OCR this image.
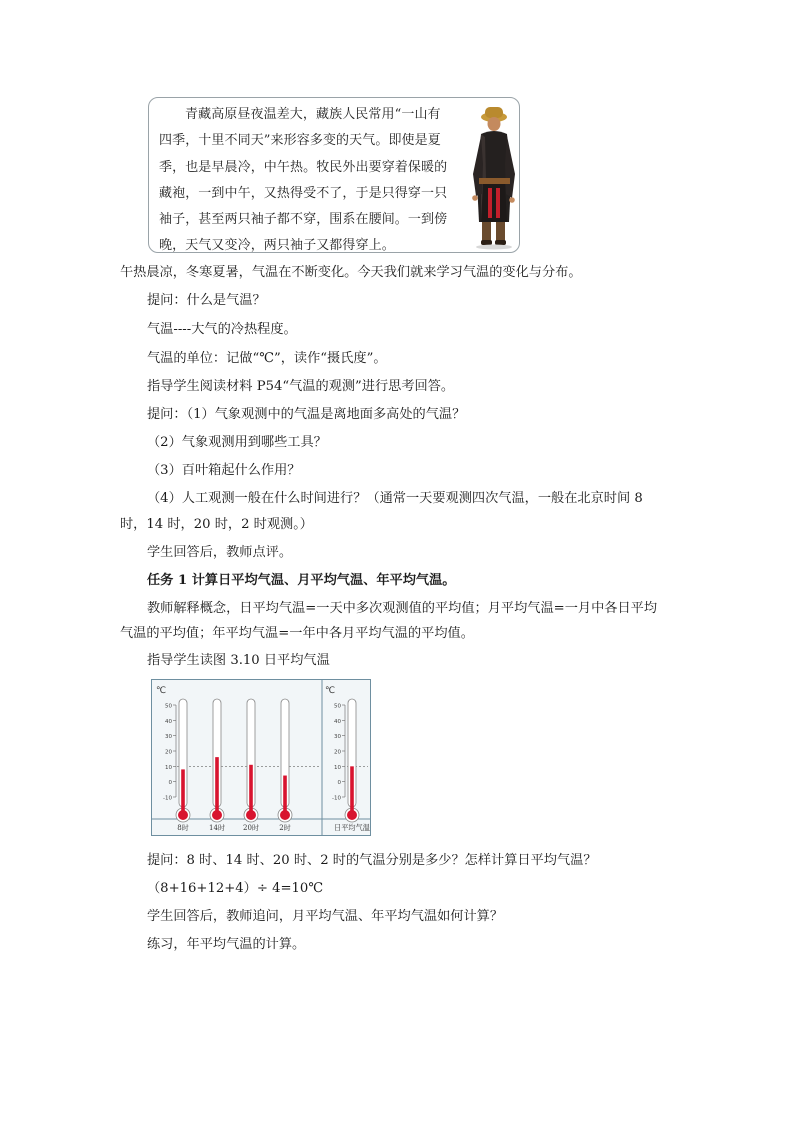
青藏高原昼夜温差大，藏族人民常用“一山有
四季，十里不同天”来形容多变的天气。即使是夏
季，也是早晨冷，中午热。牧民外出要穿着保暖的
藏袍，一到中午，又热得受不了，于是只得穿一只
袖子，甚至两只袖子都不穿，围系在腰间。一到傍
晚，天气又变冷，两只袖子又都得穿上。
午热晨凉，冬寒夏暑，气温在不断变化。今天我们就来学习气温的变化与分布。
提问：什么是气温？
气温----大气的冷热程度。
气温的单位：记做“℃”，读作“摄氏度”。
指导学生阅读材料 P54“气温的观测”进行思考回答。
提问：（1）气象观测中的气温是离地面多高处的气温？
（2）气象观测用到哪些工具？
（3）百叶箱起什么作用？
（4）人工观测一般在什么时间进行？（通常一天要观测四次气温，一般在北京时间 8
时，14 时，20 时，2 时观测。）
学生回答后，教师点评。
任务 1 计算日平均气温、月平均气温、年平均气温。
教师解释概念，日平均气温=一天中多次观测值的平均值；月平均气温=一月中各日平均
气温的平均值；年平均气温=一年中各月平均气温的平均值。
指导学生读图 3.10 日平均气温
℃
50
40
30
20
10
0
-10
℃
50
40
30
20
10
0
-10
8时	14时	20时	2时	日平均气温
提问：8 时、14 时、20 时、2 时的气温分别是多少？怎样计算日平均气温？
（8+16+12+4）÷ 4=10℃
学生回答后，教师追问，月平均气温、年平均气温如何计算？
练习，年平均气温的计算。
